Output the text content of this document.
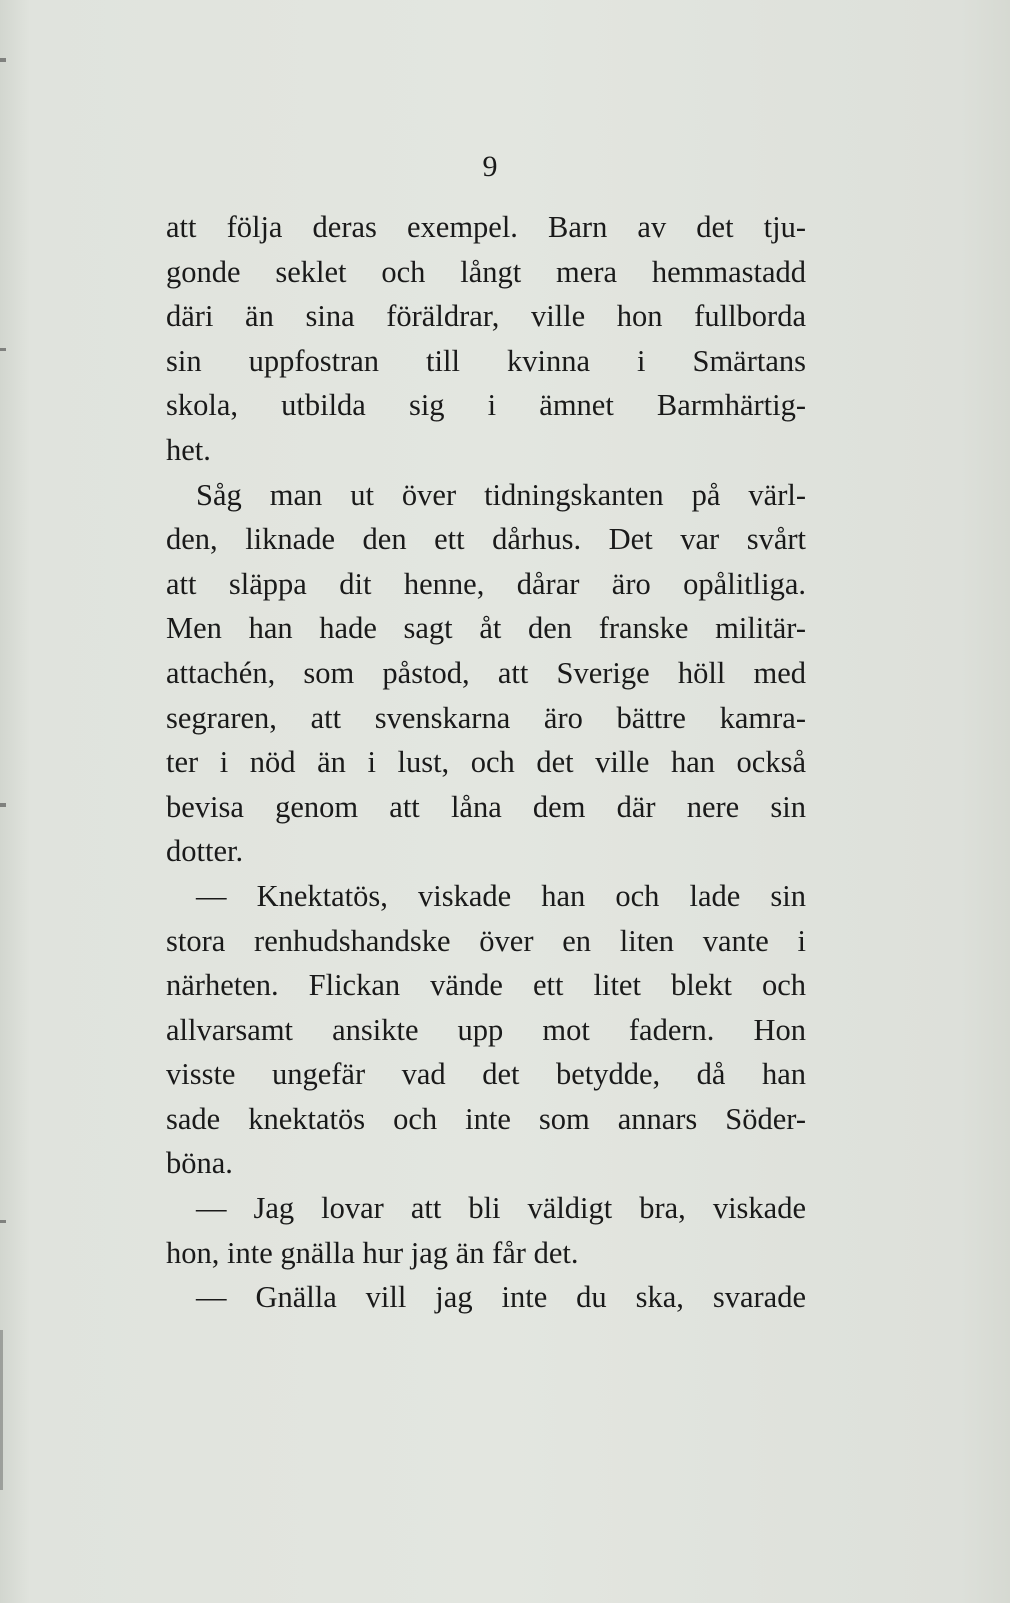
9
att följa deras exempel. Barn av det tju-
gonde seklet och långt mera hemmastadd
däri än sina föräldrar, ville hon fullborda
sin uppfostran till kvinna i Smärtans
skola, utbilda sig i ämnet Barmhärtig-
het.
Såg man ut över tidningskanten på värl-
den, liknade den ett dårhus. Det var svårt
att släppa dit henne, dårar äro opålitliga.
Men han hade sagt åt den franske militär-
attachén, som påstod, att Sverige höll med
segraren, att svenskarna äro bättre kamra-
ter i nöd än i lust, och det ville han också
bevisa genom att låna dem där nere sin
dotter.
— Knektatös, viskade han och lade sin
stora renhudshandske över en liten vante i
närheten. Flickan vände ett litet blekt och
allvarsamt ansikte upp mot fadern. Hon
visste ungefär vad det betydde, då han
sade knektatös och inte som annars Söder-
böna.
— Jag lovar att bli väldigt bra, viskade
hon, inte gnälla hur jag än får det.
— Gnälla vill jag inte du ska, svarade
